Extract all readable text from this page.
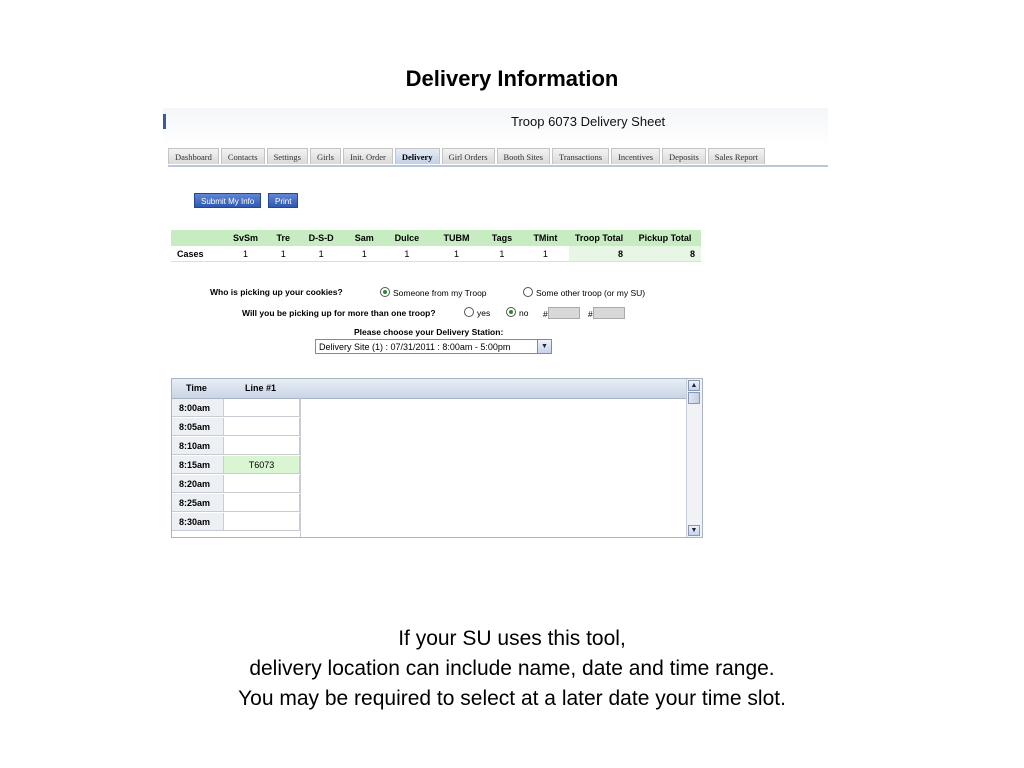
Delivery Information
Troop 6073 Delivery Sheet
Dashboard	Contacts	Settings	Girls	Init. Order	Delivery	Girl Orders	Booth Sites	Transactions	Incentives	Deposits	Sales Report
Submit My Info	Print
	SvSm	Tre	D-S-D	Sam	Dulce	TUBM	Tags	TMint	Troop Total	Pickup Total
Cases	1	1	1	1	1	1	1	1	8	8
Who is picking up your cookies?	Someone from my Troop	Some other troop (or my SU)
Will you be picking up for more than one troop?	yes	no #	#
Please choose your Delivery Station:
Delivery Site (1) : 07/31/2011 : 8:00am - 5:00pm	▼
Time	Line #1
8:00am
8:05am
8:10am
8:15am	T6073
8:20am
8:25am
8:30am
▲
▼
If your SU uses this tool,
delivery location can include name, date and time range.
You may be required to select at a later date your time slot.
